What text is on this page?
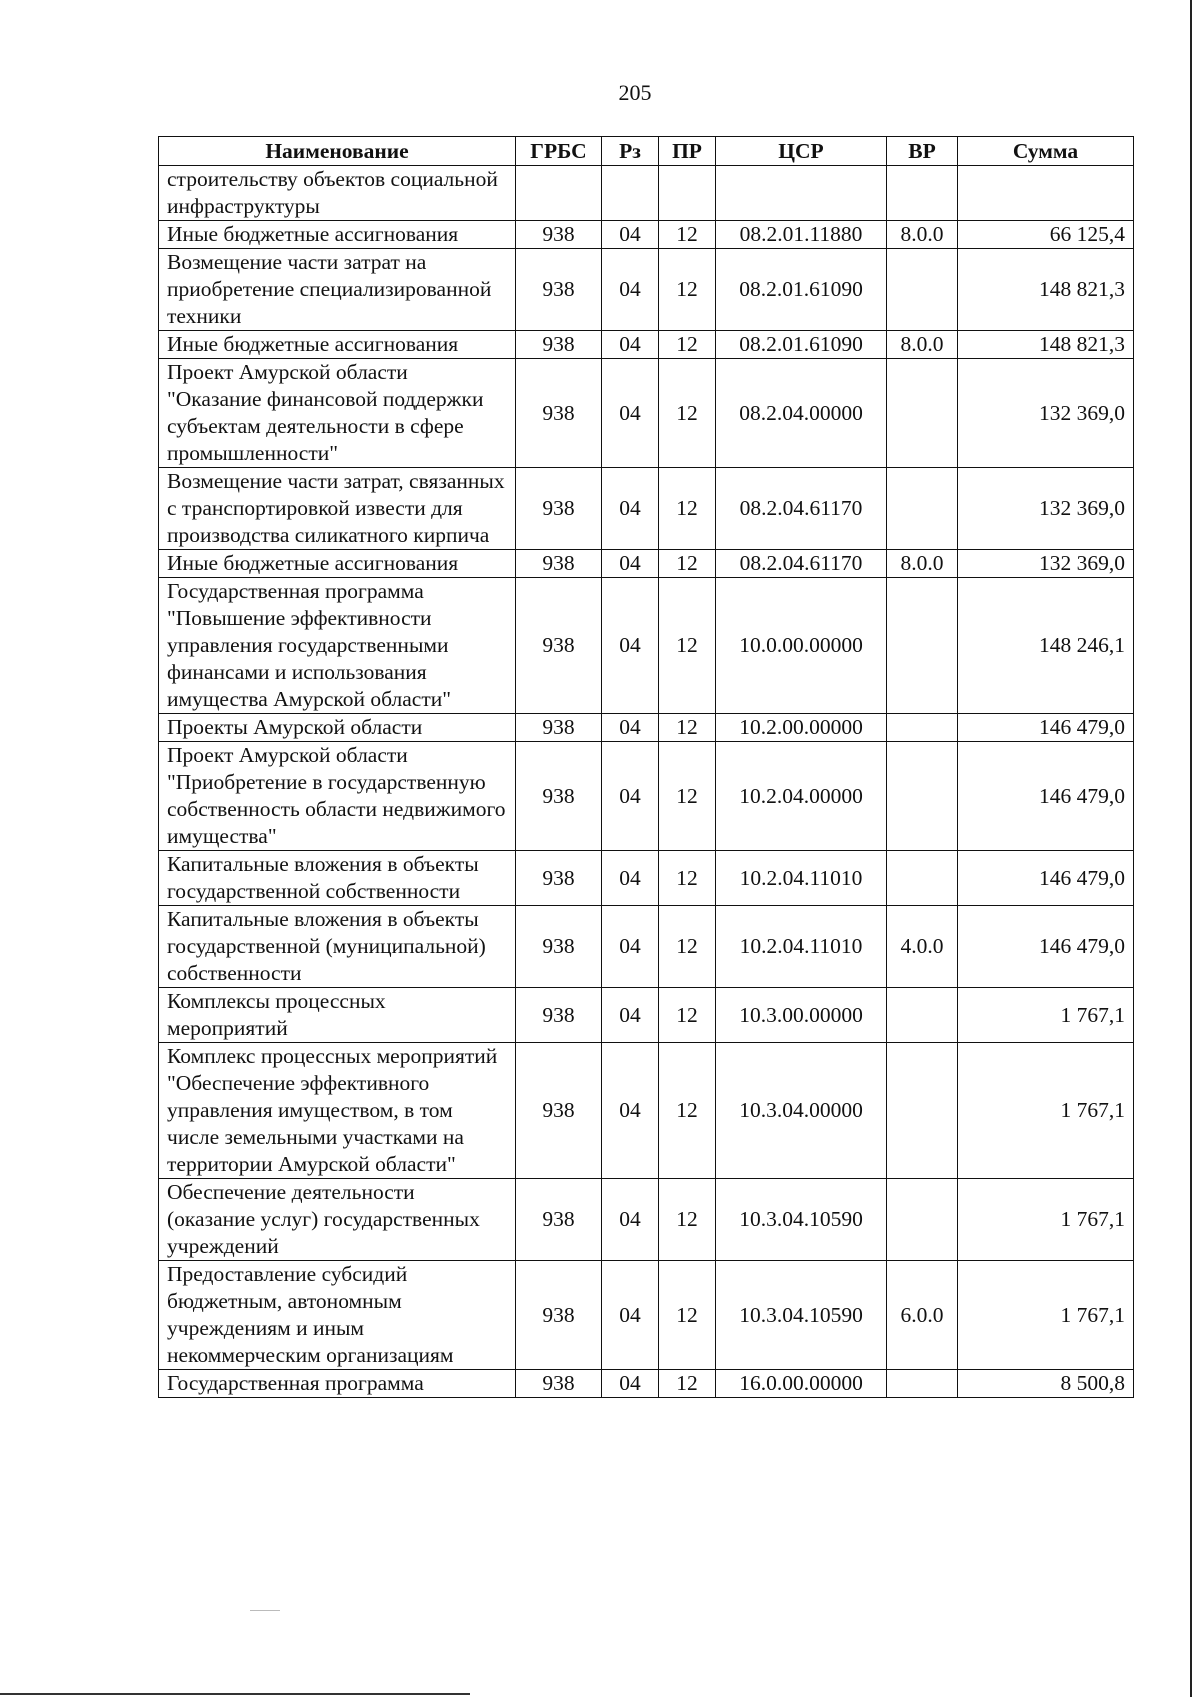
205
Наименование	ГРБС	Рз	ПР	ЦСР	ВР	Сумма
строительству объектов социальной инфраструктуры						
Иные бюджетные ассигнования	938	04	12	08.2.01.11880	8.0.0	66 125,4
Возмещение части затрат на приобретение специализированной техники	938	04	12	08.2.01.61090		148 821,3
Иные бюджетные ассигнования	938	04	12	08.2.01.61090	8.0.0	148 821,3
Проект Амурской области "Оказание финансовой поддержки субъектам деятельности в сфере промышленности"	938	04	12	08.2.04.00000		132 369,0
Возмещение части затрат, связанных с транспортировкой извести для производства силикатного кирпича	938	04	12	08.2.04.61170		132 369,0
Иные бюджетные ассигнования	938	04	12	08.2.04.61170	8.0.0	132 369,0
Государственная программа "Повышение эффективности управления государственными финансами и использования имущества Амурской области"	938	04	12	10.0.00.00000		148 246,1
Проекты Амурской области	938	04	12	10.2.00.00000		146 479,0
Проект Амурской области "Приобретение в государственную собственность области недвижимого имущества"	938	04	12	10.2.04.00000		146 479,0
Капитальные вложения в объекты государственной собственности	938	04	12	10.2.04.11010		146 479,0
Капитальные вложения в объекты государственной (муниципальной) собственности	938	04	12	10.2.04.11010	4.0.0	146 479,0
Комплексы процессных мероприятий	938	04	12	10.3.00.00000		1 767,1
Комплекс процессных мероприятий "Обеспечение эффективного управления имуществом, в том числе земельными участками на территории Амурской области"	938	04	12	10.3.04.00000		1 767,1
Обеспечение деятельности (оказание услуг) государственных учреждений	938	04	12	10.3.04.10590		1 767,1
Предоставление субсидий бюджетным, автономным учреждениям и иным некоммерческим организациям	938	04	12	10.3.04.10590	6.0.0	1 767,1
Государственная программа	938	04	12	16.0.00.00000		8 500,8
